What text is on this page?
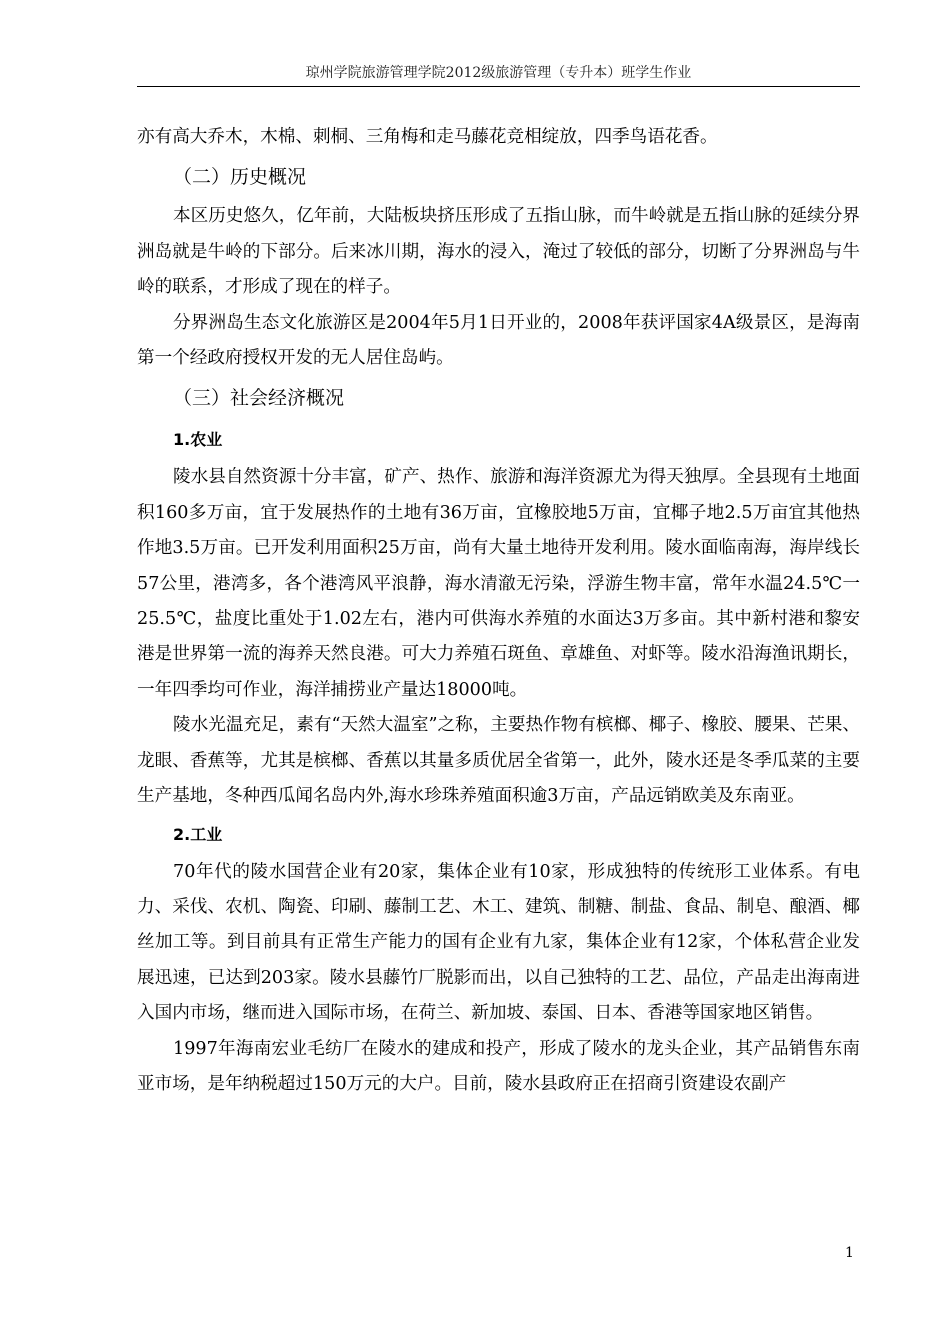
琼州学院旅游管理学院2012级旅游管理（专升本）班学生作业

亦有高大乔木，木棉、刺桐、三角梅和走马藤花竞相绽放，四季鸟语花香。

（二）历史概况

本区历史悠久，亿年前，大陆板块挤压形成了五指山脉，而牛岭就是五指山脉的延续分界洲岛就是牛岭的下部分。后来冰川期，海水的浸入，淹过了较低的部分，切断了分界洲岛与牛岭的联系，才形成了现在的样子。

分界洲岛生态文化旅游区是2004年5月1日开业的，2008年获评国家4A级景区，是海南第一个经政府授权开发的无人居住岛屿。

（三）社会经济概况

1.农业

陵水县自然资源十分丰富，矿产、热作、旅游和海洋资源尤为得天独厚。全县现有土地面积160多万亩，宜于发展热作的土地有36万亩，宜橡胶地5万亩，宜椰子地2.5万亩宜其他热作地3.5万亩。已开发利用面积25万亩，尚有大量土地待开发利用。陵水面临南海，海岸线长57公里，港湾多，各个港湾风平浪静，海水清澈无污染，浮游生物丰富，常年水温24.5℃一25.5℃，盐度比重处于1.02左右，港内可供海水养殖的水面达3万多亩。其中新村港和黎安港是世界第一流的海养天然良港。可大力养殖石斑鱼、章雄鱼、对虾等。陵水沿海渔讯期长，一年四季均可作业，海洋捕捞业产量达18000吨。

陵水光温充足，素有“天然大温室”之称，主要热作物有槟榔、椰子、橡胶、腰果、芒果、龙眼、香蕉等，尤其是槟榔、香蕉以其量多质优居全省第一，此外，陵水还是冬季瓜菜的主要生产基地，冬种西瓜闻名岛内外,海水珍珠养殖面积逾3万亩，产品远销欧美及东南亚。

2.工业

70年代的陵水国营企业有20家，集体企业有10家，形成独特的传统形工业体系。有电力、采伐、农机、陶瓷、印刷、藤制工艺、木工、建筑、制糖、制盐、食品、制皂、酿酒、椰丝加工等。到目前具有正常生产能力的国有企业有九家，集体企业有12家，个体私营企业发展迅速，已达到203家。陵水县藤竹厂脱影而出，以自己独特的工艺、品位，产品走出海南进入国内市场，继而进入国际市场，在荷兰、新加坡、泰国、日本、香港等国家地区销售。

1997年海南宏业毛纺厂在陵水的建成和投产，形成了陵水的龙头企业，其产品销售东南亚市场，是年纳税超过150万元的大户。目前，陵水县政府正在招商引资建设农副产

1
